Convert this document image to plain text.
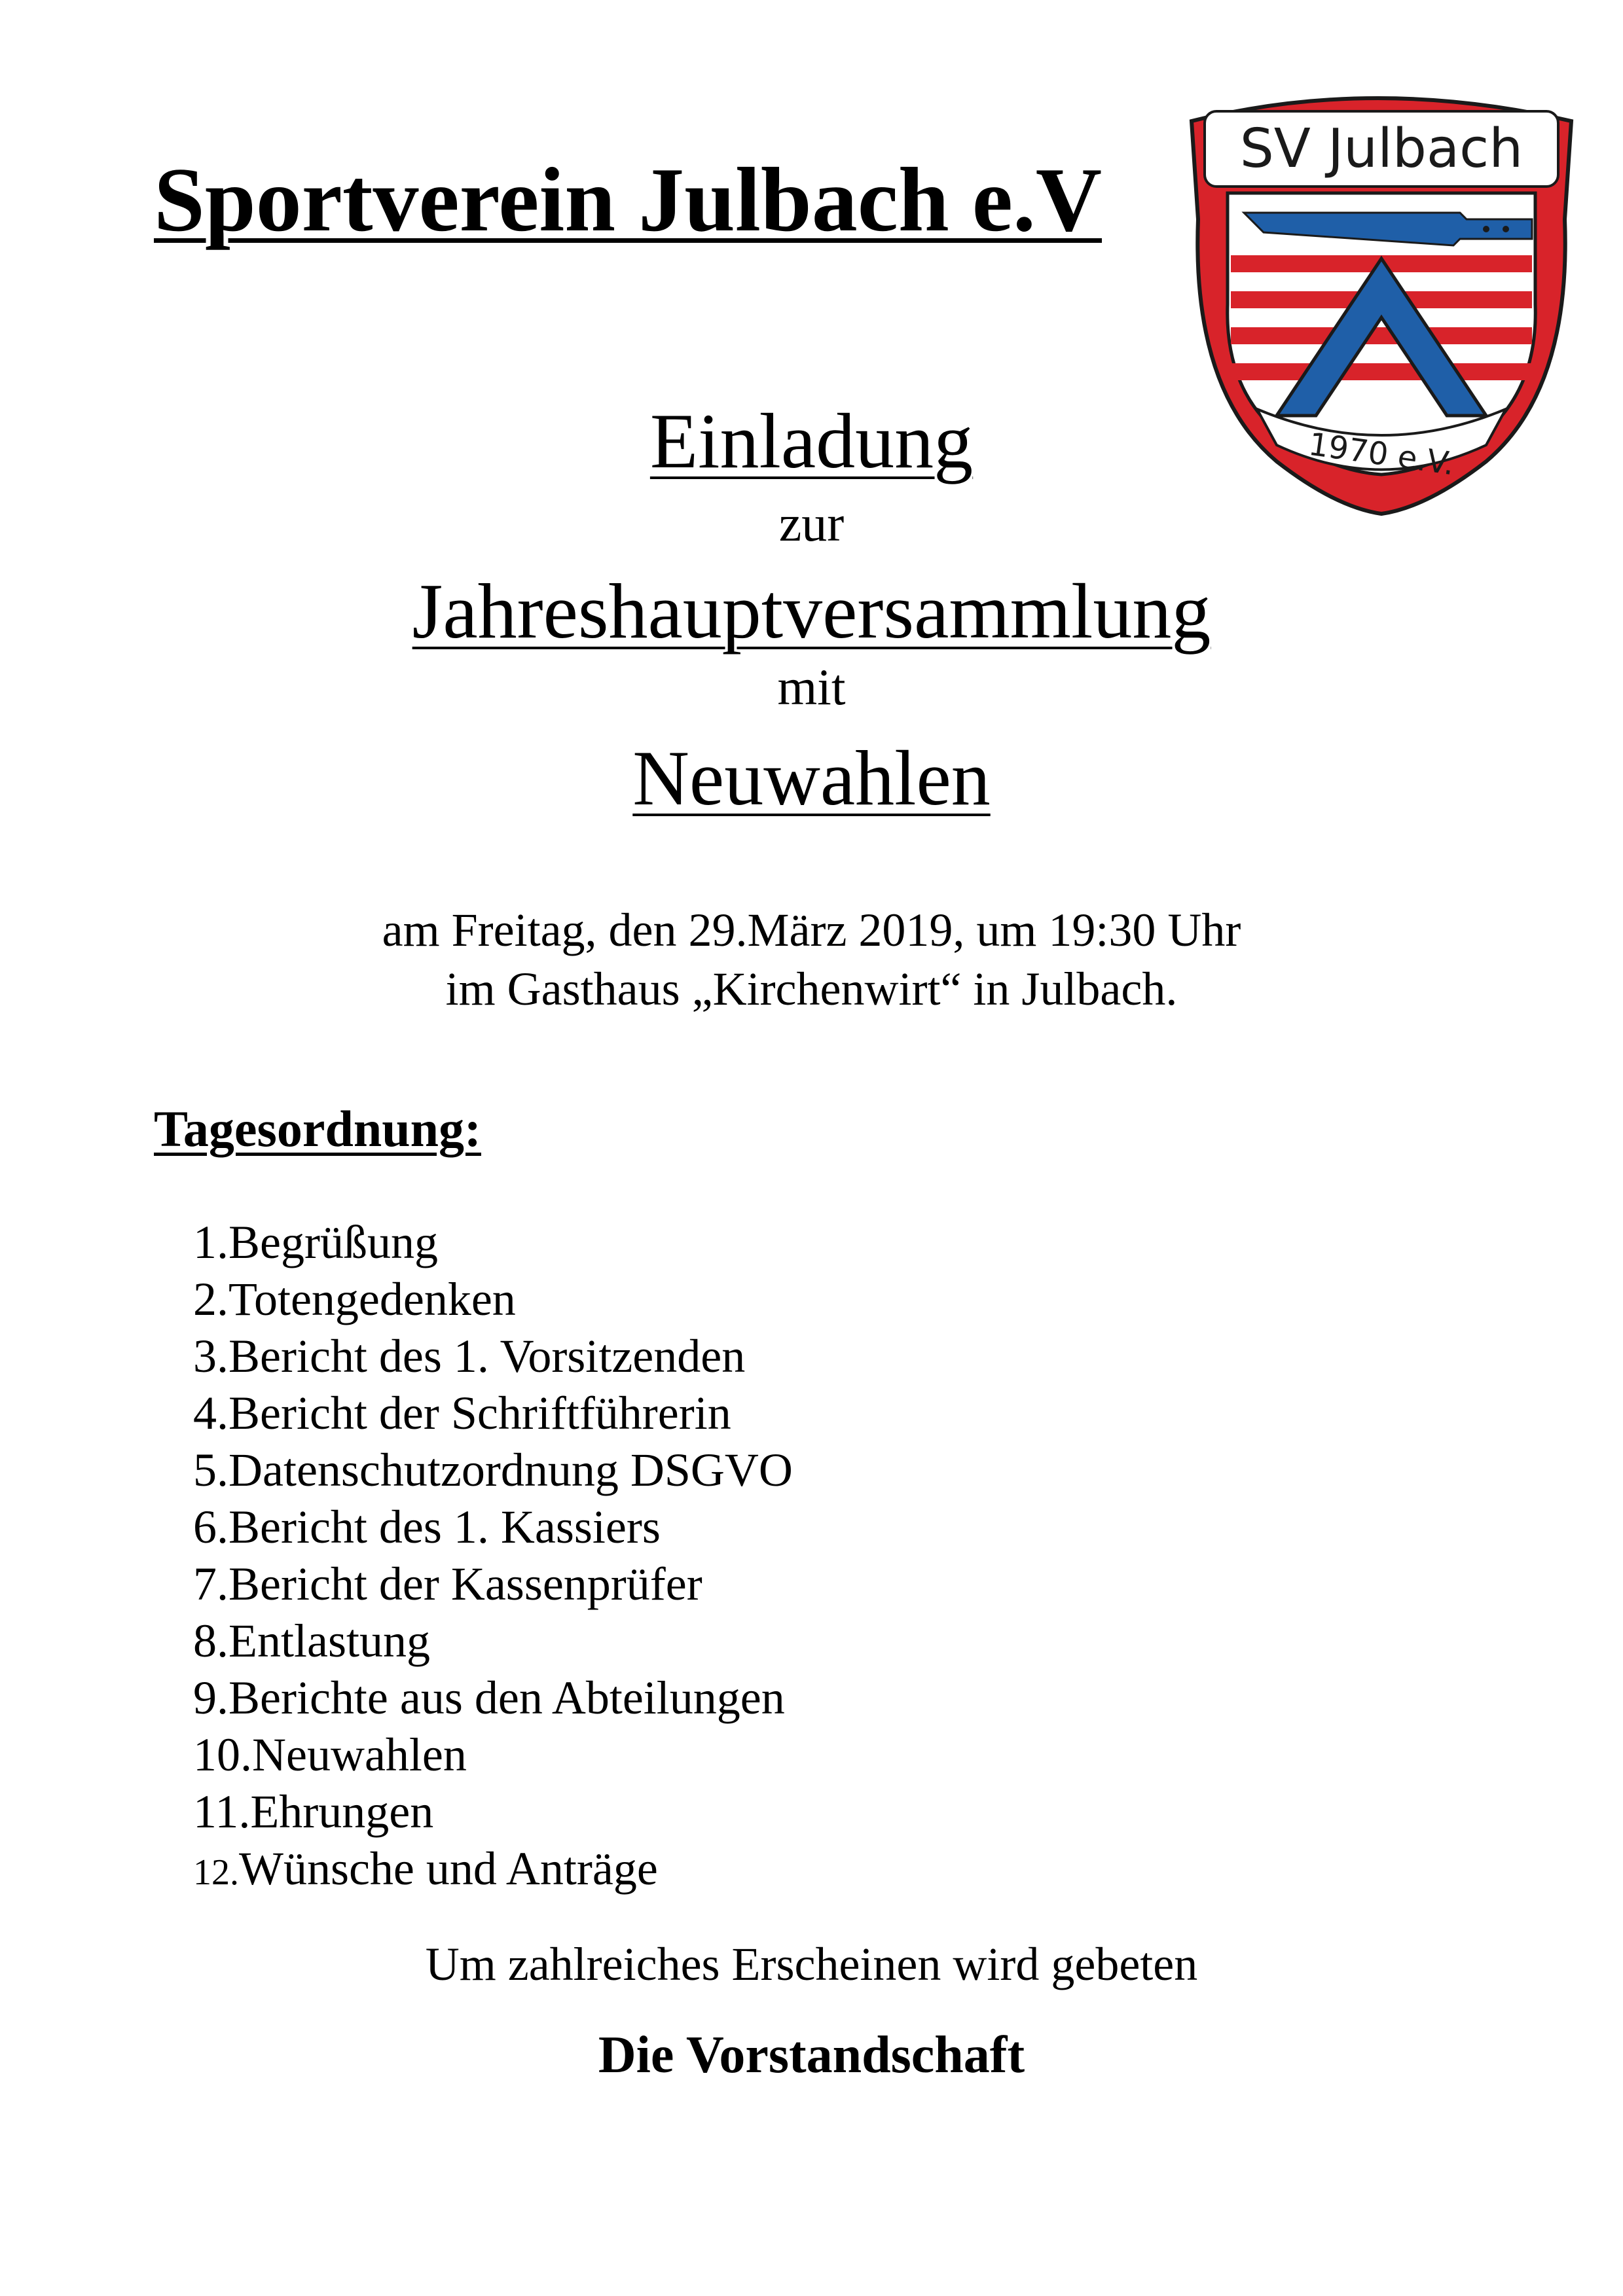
Sportverein Julbach e.V
SV Julbach
1970 e.V.
Einladung
zur
Jahreshauptversammlung
mit
Neuwahlen
am Freitag, den 29.März 2019, um 19:30 Uhr
im Gasthaus „Kirchenwirt“ in Julbach.
Tagesordnung:
1.Begrüßung
2.Totengedenken
3.Bericht des 1. Vorsitzenden
4.Bericht der Schriftführerin
5.Datenschutzordnung DSGVO
6.Bericht des 1. Kassiers
7.Bericht der Kassenprüfer
8.Entlastung
9.Berichte aus den Abteilungen
10.Neuwahlen
11.Ehrungen
12.Wünsche und Anträge
Um zahlreiches Erscheinen wird gebeten
Die Vorstandschaft
